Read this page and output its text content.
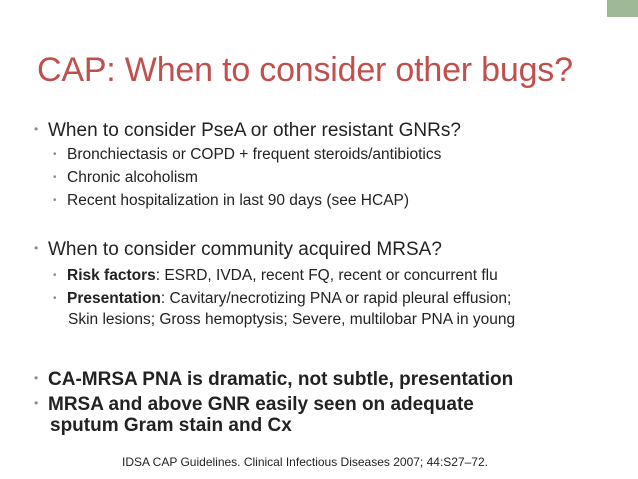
CAP: When to consider other bugs?
• When to consider PseA or other resistant GNRs?
• Bronchiectasis or COPD + frequent steroids/antibiotics
• Chronic alcoholism
• Recent hospitalization in last 90 days (see HCAP)
• When to consider community acquired MRSA?
• Risk factors: ESRD, IVDA, recent FQ, recent or concurrent flu
• Presentation: Cavitary/necrotizing PNA or rapid pleural effusion;
Skin lesions; Gross hemoptysis; Severe, multilobar PNA in young
• CA-MRSA PNA is dramatic, not subtle, presentation
• MRSA and above GNR easily seen on adequate
sputum Gram stain and Cx
IDSA CAP Guidelines. Clinical Infectious Diseases 2007; 44:S27–72.
